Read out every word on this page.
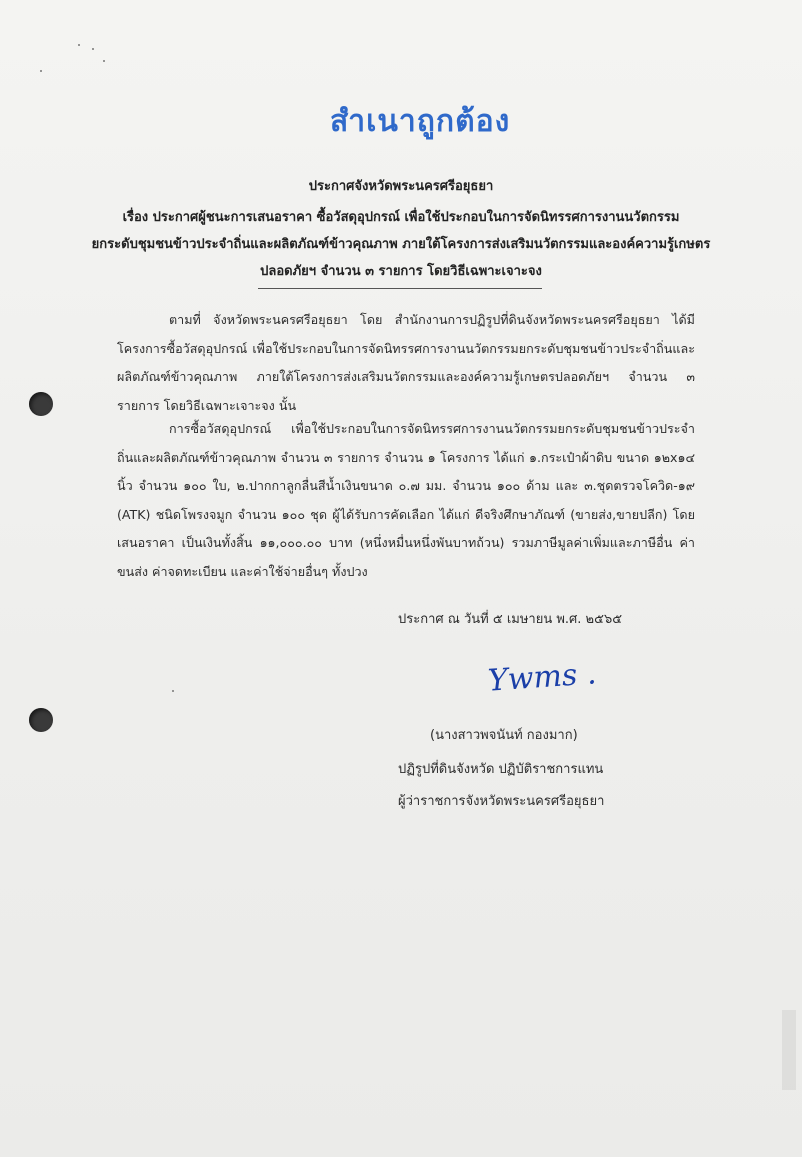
สำเนาถูกต้อง
ประกาศจังหวัดพระนครศรีอยุธยา
เรื่อง ประกาศผู้ชนะการเสนอราคา ซื้อวัสดุอุปกรณ์ เพื่อใช้ประกอบในการจัดนิทรรศการงานนวัตกรรม
ยกระดับชุมชนข้าวประจำถิ่นและผลิตภัณฑ์ข้าวคุณภาพ ภายใต้โครงการส่งเสริมนวัตกรรมและองค์ความรู้เกษตร
ปลอดภัยฯ จำนวน ๓ รายการ โดยวิธีเฉพาะเจาะจง
ตามที่ จังหวัดพระนครศรีอยุธยา โดย สำนักงานการปฏิรูปที่ดินจังหวัดพระนครศรีอยุธยา ได้มีโครงการซื้อวัสดุอุปกรณ์ เพื่อใช้ประกอบในการจัดนิทรรศการงานนวัตกรรมยกระดับชุมชนข้าวประจำถิ่นและผลิตภัณฑ์ข้าวคุณภาพ ภายใต้โครงการส่งเสริมนวัตกรรมและองค์ความรู้เกษตรปลอดภัยฯ จำนวน ๓ รายการ โดยวิธีเฉพาะเจาะจง นั้น
การซื้อวัสดุอุปกรณ์ เพื่อใช้ประกอบในการจัดนิทรรศการงานนวัตกรรมยกระดับชุมชนข้าวประจำถิ่นและผลิตภัณฑ์ข้าวคุณภาพ จำนวน ๓ รายการ จำนวน ๑ โครงการ ได้แก่ ๑.กระเป๋าผ้าดิบ ขนาด ๑๒x๑๔ นิ้ว จำนวน ๑๐๐ ใบ, ๒.ปากกาลูกลื่นสีน้ำเงินขนาด ๐.๗ มม. จำนวน ๑๐๐ ด้าม และ ๓.ชุดตรวจโควิด-๑๙ (ATK) ชนิดโพรงจมูก จำนวน ๑๐๐ ชุด ผู้ได้รับการคัดเลือก ได้แก่ ดีจริงศึกษาภัณฑ์ (ขายส่ง,ขายปลีก) โดยเสนอราคา เป็นเงินทั้งสิ้น ๑๑,๐๐๐.๐๐ บาท (หนึ่งหมื่นหนึ่งพันบาทถ้วน) รวมภาษีมูลค่าเพิ่มและภาษีอื่น ค่าขนส่ง ค่าจดทะเบียน และค่าใช้จ่ายอื่นๆ ทั้งปวง
ประกาศ ณ วันที่ ๕ เมษายน พ.ศ. ๒๕๖๕
Ywms .
(นางสาวพจนันท์ กองมาก)
ปฏิรูปที่ดินจังหวัด ปฏิบัติราชการแทน
ผู้ว่าราชการจังหวัดพระนครศรีอยุธยา
